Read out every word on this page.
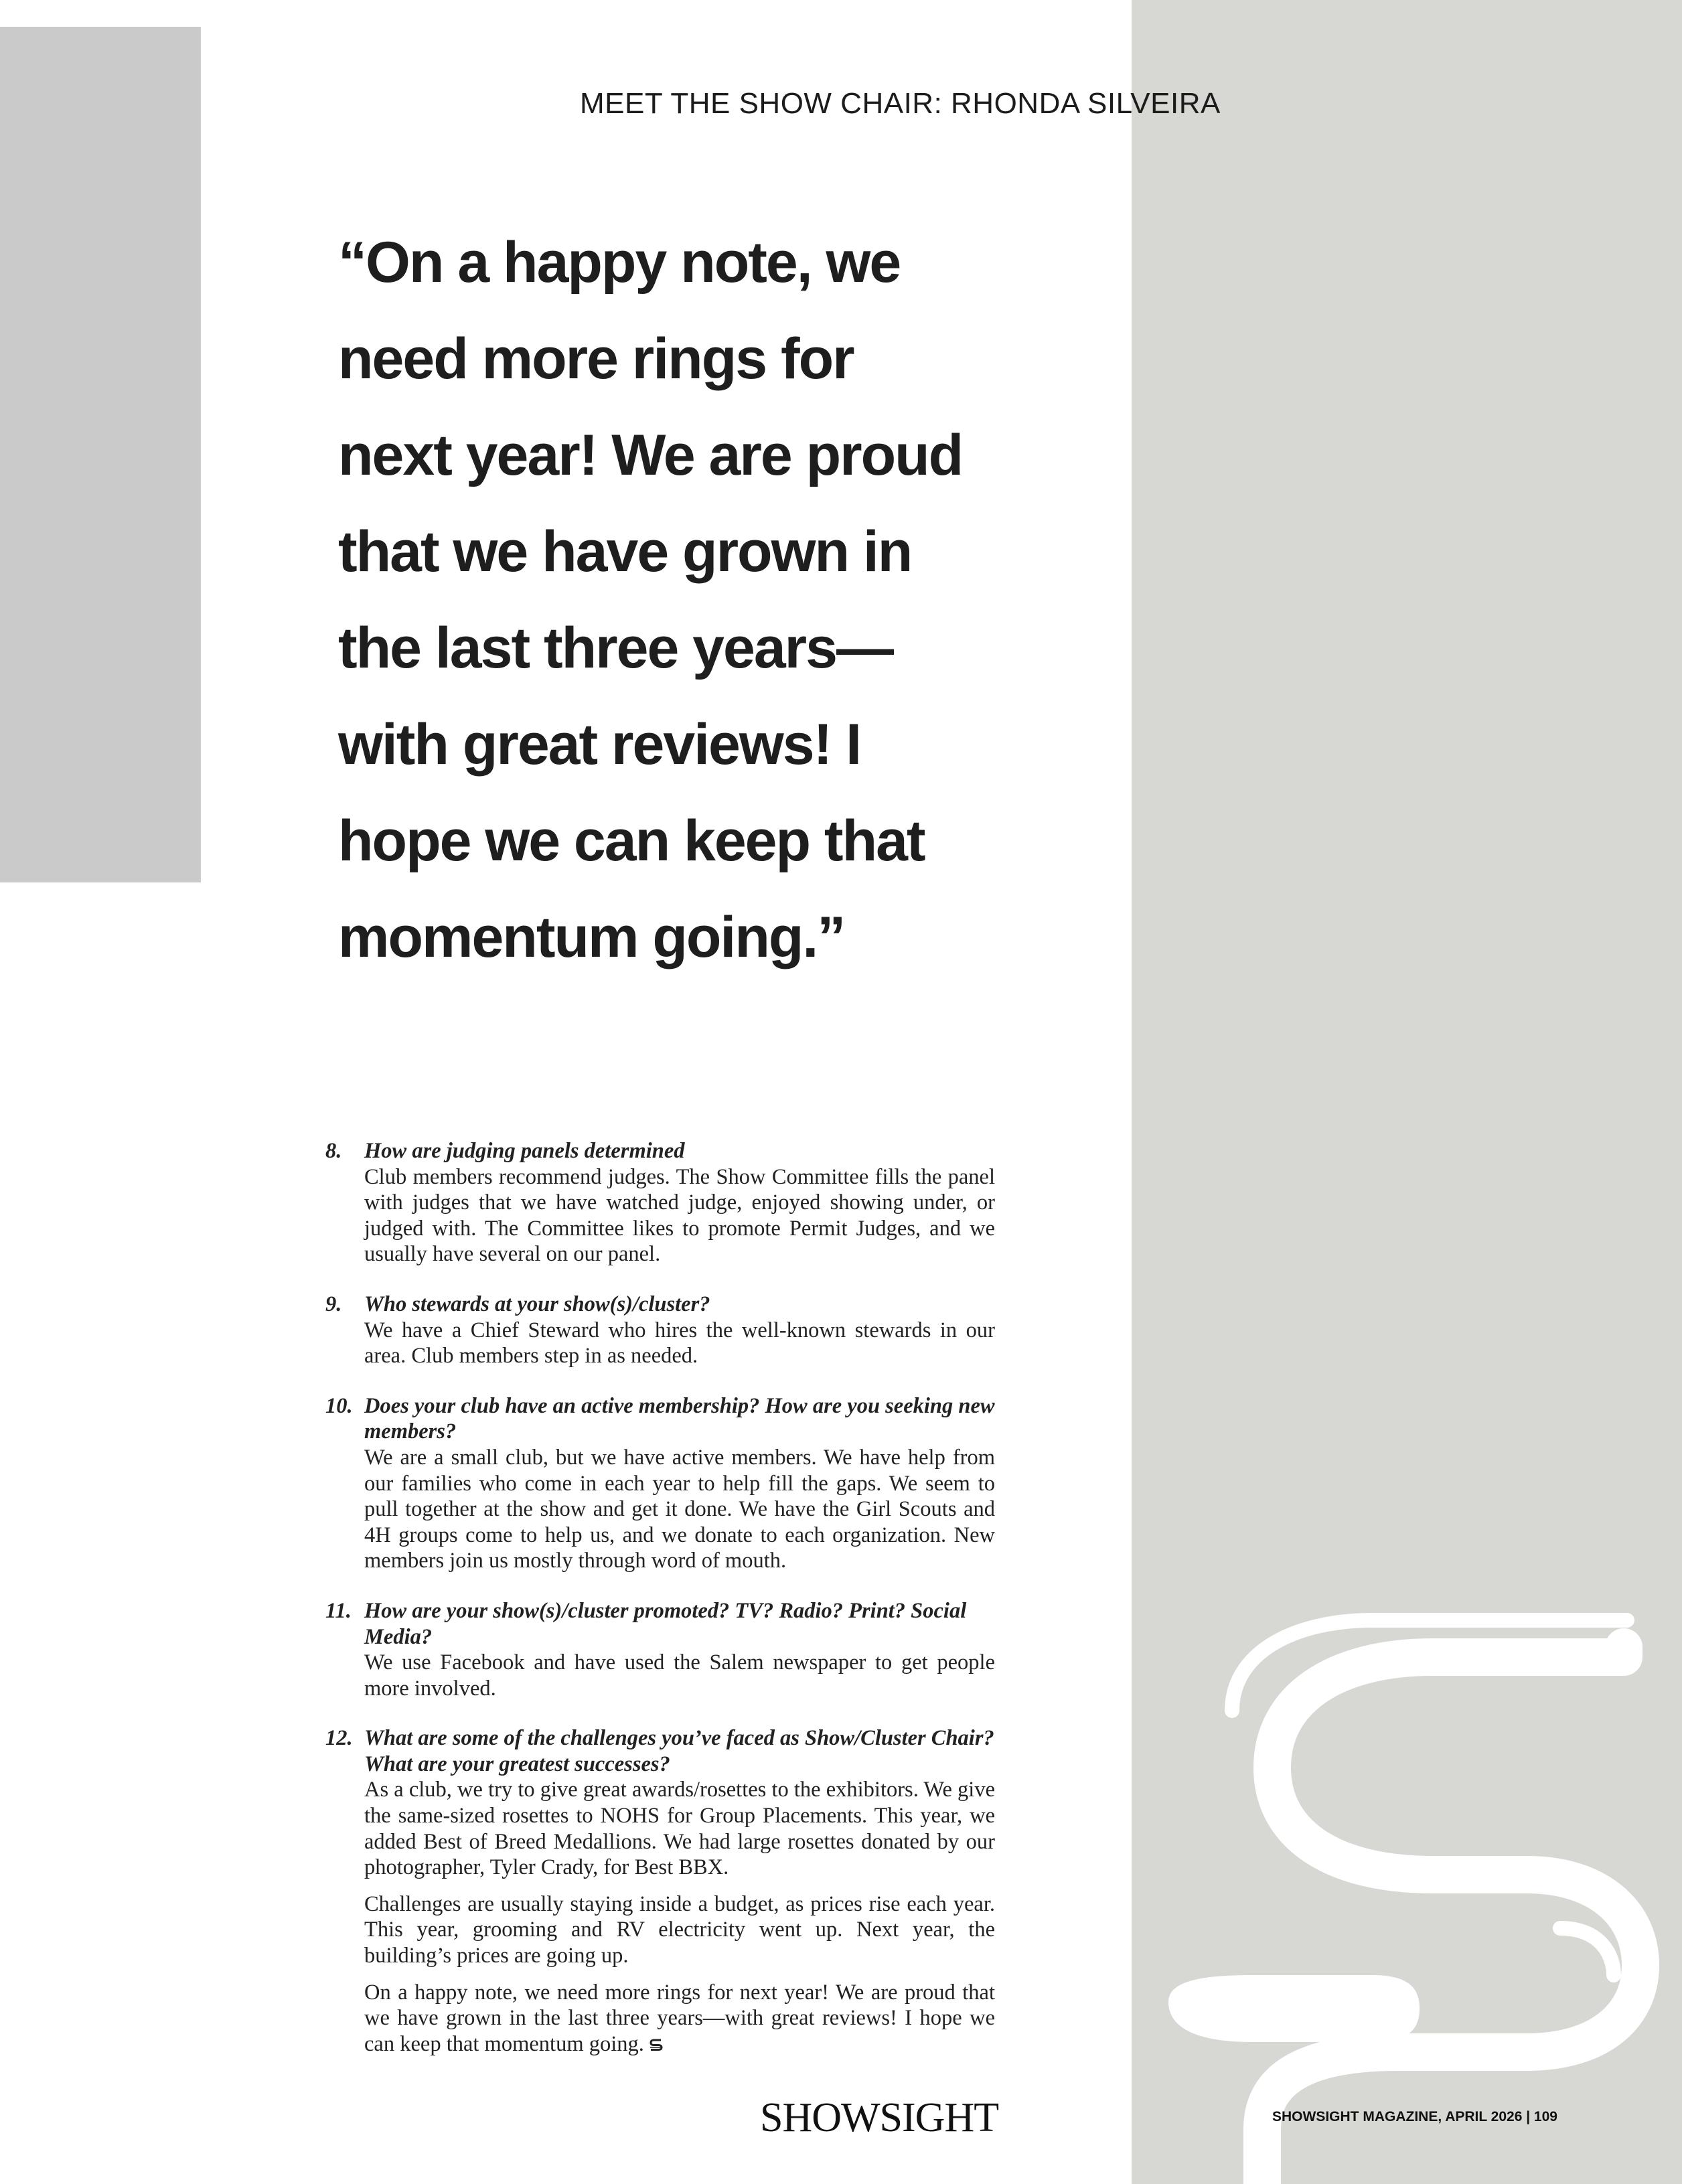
MEET THE SHOW CHAIR: RHONDA SILVEIRA
“On a happy note, we
need more rings for
next year! We are proud
that we have grown in
the last three years—
with great reviews! I
hope we can keep that
momentum going.”
8. How are judging panels determined
Club members recommend judges. The Show Committee fills the panel with judges that we have watched judge, enjoyed showing under, or judged with. The Committee likes to promote Permit Judges, and we usually have several on our panel.
9. Who stewards at your show(s)/cluster?
We have a Chief Steward who hires the well-known stewards in our area. Club members step in as needed.
10. Does your club have an active membership? How are you seeking new members?
We are a small club, but we have active members. We have help from our families who come in each year to help fill the gaps. We seem to pull together at the show and get it done. We have the Girl Scouts and 4H groups come to help us, and we donate to each organization. New members join us mostly through word of mouth.
11. How are your show(s)/cluster promoted? TV? Radio? Print? Social Media?
We use Facebook and have used the Salem newspaper to get people more involved.
12. What are some of the challenges you’ve faced as Show/Cluster Chair? What are your greatest successes?
As a club, we try to give great awards/rosettes to the exhibitors. We give the same-sized rosettes to NOHS for Group Placements. This year, we added Best of Breed Medallions. We had large rosettes donated by our photographer, Tyler Crady, for Best BBX.
Challenges are usually staying inside a budget, as prices rise each year. This year, grooming and RV electricity went up. Next year, the building’s prices are going up.
On a happy note, we need more rings for next year! We are proud that we have grown in the last three years—with great reviews! I hope we can keep that momentum going.
SHOWSIGHT	SHOWSIGHT MAGAZINE, APRIL 2026 | 109
